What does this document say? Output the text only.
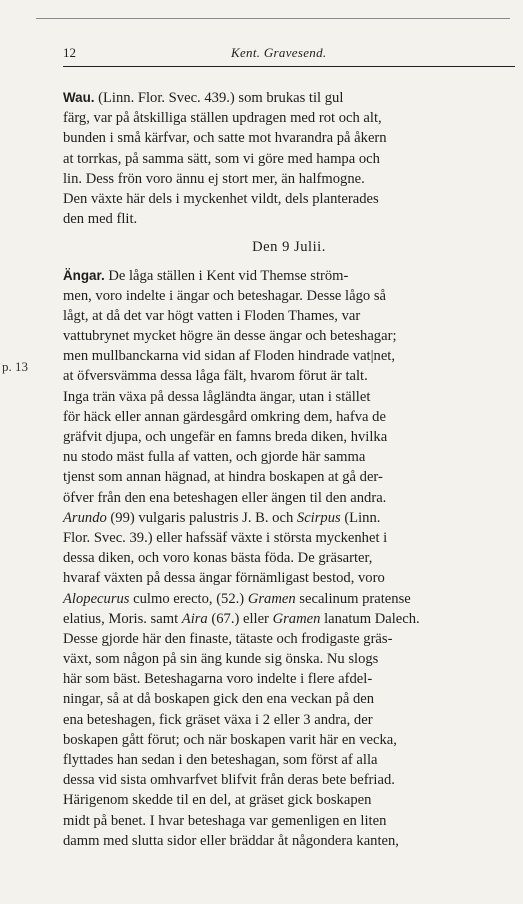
12	Kent. Gravesend.
p. 13
Wau. (Linn. Flor. Svec. 439.) som brukas til gul
färg, var på åtskilliga ställen updragen med rot och alt,
bunden i små kärfvar, och satte mot hvarandra på åkern
at torrkas, på samma sätt, som vi göre med hampa och
lin. Dess frön voro ännu ej stort mer, än halfmogne.
Den växte här dels i myckenhet vildt, dels planterades
den med flit.
Den 9 Julii.
Ängar. De låga ställen i Kent vid Themse ström-
men, voro indelte i ängar och beteshagar. Desse lågo så
lågt, at då det var högt vatten i Floden Thames, var
vattubrynet mycket högre än desse ängar och beteshagar;
men mullbanckarna vid sidan af Floden hindrade vat|net,
at öfversvämma dessa låga fält, hvarom förut är talt.
Inga trän växa på dessa lågländta ängar, utan i stället
för häck eller annan gärdesgård omkring dem, hafva de
gräfvit djupa, och ungefär en famns breda diken, hvilka
nu stodo mäst fulla af vatten, och gjorde här samma
tjenst som annan hägnad, at hindra boskapen at gå der-
öfver från den ena beteshagen eller ängen til den andra.
Arundo (99) vulgaris palustris J. B. och Scirpus (Linn.
Flor. Svec. 39.) eller hafssäf växte i största myckenhet i
dessa diken, och voro konas bästa föda. De gräsarter,
hvaraf växten på dessa ängar förnämligast bestod, voro
Alopecurus culmo erecto, (52.) Gramen secalinum pratense
elatius, Moris. samt Aira (67.) eller Gramen lanatum Dalech.
Desse gjorde här den finaste, tätaste och frodigaste gräs-
växt, som någon på sin äng kunde sig önska. Nu slogs
här som bäst. Beteshagarna voro indelte i flere afdel-
ningar, så at då boskapen gick den ena veckan på den
ena beteshagen, fick gräset växa i 2 eller 3 andra, der
boskapen gått förut; och när boskapen varit här en vecka,
flyttades han sedan i den beteshagan, som först af alla
dessa vid sista omhvarfvet blifvit från deras bete befriad.
Härigenom skedde til en del, at gräset gick boskapen
midt på benet. I hvar beteshaga var gemenligen en liten
damm med slutta sidor eller bräddar åt någondera kanten,
